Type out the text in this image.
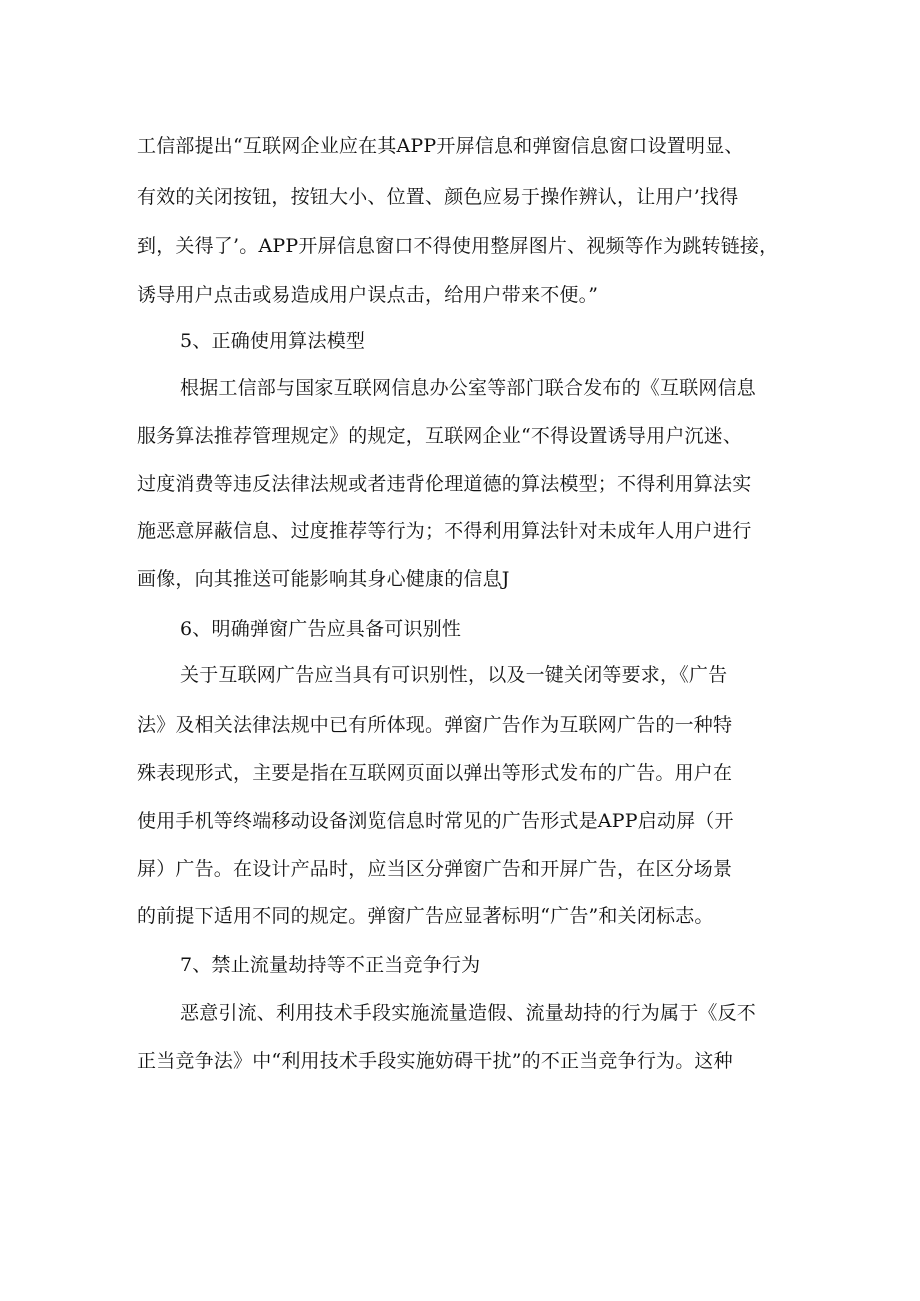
工信部提出“互联网企业应在其APP开屏信息和弹窗信息窗口设置明显、
有效的关闭按钮，按钮大小、位置、颜色应易于操作辨认，让用户’找得
到，关得了’。APP开屏信息窗口不得使用整屏图片、视频等作为跳转链接，
诱导用户点击或易造成用户误点击，给用户带来不便。”
5、正确使用算法模型
根据工信部与国家互联网信息办公室等部门联合发布的《互联网信息
服务算法推荐管理规定》的规定，互联网企业“不得设置诱导用户沉迷、
过度消费等违反法律法规或者违背伦理道德的算法模型；不得利用算法实
施恶意屏蔽信息、过度推荐等行为；不得利用算法针对未成年人用户进行
画像，向其推送可能影响其身心健康的信息J
6、明确弹窗广告应具备可识别性
关于互联网广告应当具有可识别性，以及一键关闭等要求，《广告
法》及相关法律法规中已有所体现。弹窗广告作为互联网广告的一种特
殊表现形式，主要是指在互联网页面以弹出等形式发布的广告。用户在
使用手机等终端移动设备浏览信息时常见的广告形式是APP启动屏（开
屏）广告。在设计产品时，应当区分弹窗广告和开屏广告，在区分场景
的前提下适用不同的规定。弹窗广告应显著标明“广告”和关闭标志。
7、禁止流量劫持等不正当竞争行为
恶意引流、利用技术手段实施流量造假、流量劫持的行为属于《反不
正当竞争法》中“利用技术手段实施妨碍干扰”的不正当竞争行为。这种
